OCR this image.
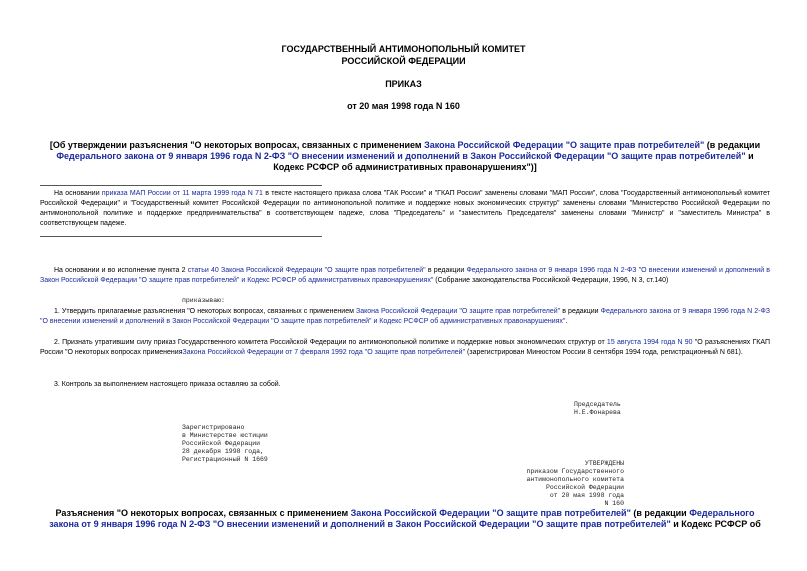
ГОСУДАРСТВЕННЫЙ АНТИМОНОПОЛЬНЫЙ КОМИТЕТ
РОССИЙСКОЙ ФЕДЕРАЦИИ
ПРИКАЗ
от 20 мая 1998 года N 160
[Об утверждении разъяснения "О некоторых вопросах, связанных с применением Закона Российской Федерации "О защите прав потребителей" (в редакции Федерального закона от 9 января 1996 года N 2-ФЗ "О внесении изменений и дополнений в Закон Российской Федерации "О защите прав потребителей" и Кодекс РСФСР об административных правонарушениях")]
На основании приказа МАП России от 11 марта 1999 года N 71 в тексте настоящего приказа слова "ГАК России" и "ГКАП России" заменены словами "МАП России", слова "Государственный антимонопольный комитет Российской Федерации" и "Государственный комитет Российской Федерации по антимонопольной политике и поддержке новых экономических структур" заменены словами "Министерство Российской Федерации по антимонопольной политике и поддержке предпринимательства" в соответствующем падеже, слова "Председатель" и "заместитель Председателя" заменены словами "Министр" и "заместитель Министра" в соответствующем падеже.
На основании и во исполнение пункта 2 статьи 40 Закона Российской Федерации "О защите прав потребителей" в редакции Федерального закона от 9 января 1996 года N 2-ФЗ "О внесении изменений и дополнений в Закон Российской Федерации "О защите прав потребителей" и Кодекс РСФСР об административных правонарушениях" (Собрание законодательства Российской Федерации, 1996, N 3, ст.140)
приказываю:
1. Утвердить прилагаемые разъяснения "О некоторых вопросах, связанных с применением Закона Российской Федерации "О защите прав потребителей" в редакции Федерального закона от 9 января 1996 года N 2-ФЗ "О внесении изменений и дополнений в Закон Российской Федерации "О защите прав потребителей" и Кодекс РСФСР об административных правонарушениях".
2. Признать утратившим силу приказ Государственного комитета Российской Федерации по антимонопольной политике и поддержке новых экономических структур от 15 августа 1994 года N 90 "О разъяснениях ГКАП России "О некоторых вопросах примененияЗакона Российской Федерации от 7 февраля 1992 года "О защите прав потребителей" (зарегистрирован Минюстом России 8 сентября 1994 года, регистрационный N 681).
3. Контроль за выполнением настоящего приказа оставляю за собой.
Председатель
Н.Е.Фонарева
Зарегистрировано
в Министерстве юстиции
Российской Федерации
28 декабря 1998 года,
Регистрационный N 1669
УТВЕРЖДЕНЫ
приказом Государственного
антимонопольного комитета
Российской Федерации
от 20 мая 1998 года
N 160
Разъяснения "О некоторых вопросах, связанных с применением Закона Российской Федерации "О защите прав потребителей" (в редакции Федерального закона от 9 января 1996 года N 2-ФЗ "О внесении изменений и дополнений в Закон Российской Федерации "О защите прав потребителей" и Кодекс РСФСР об
